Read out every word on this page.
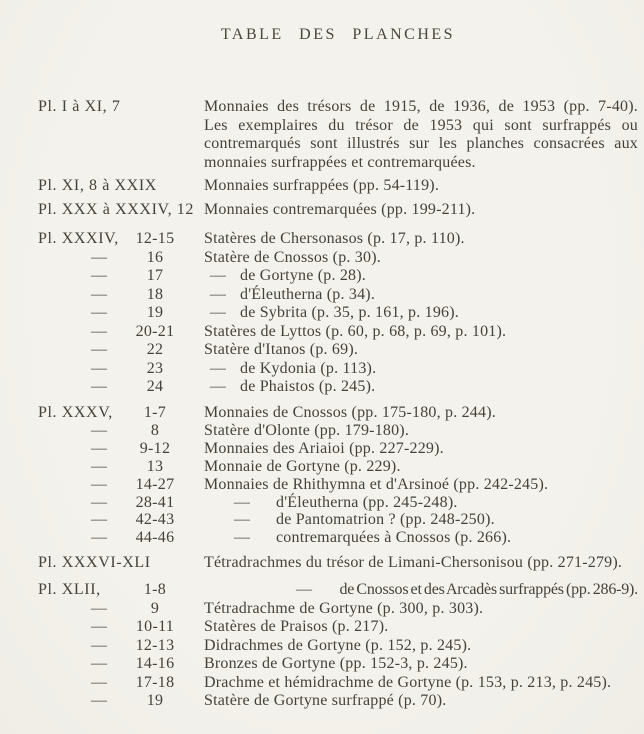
TABLE DES PLANCHES
Pl. I à XI, 7	Monnaies des trésors de 1915, de 1936, de 1953 (pp. 7-40).
Les exemplaires du trésor de 1953 qui sont surfrappés ou
contremarqués sont illustrés sur les planches consacrées aux
monnaies surfrappées et contremarquées.
Pl. XI, 8 à XXIX	Monnaies surfrappées (pp. 54-119).
Pl. XXX à XXXIV, 12 Monnaies contremarquées (pp. 199-211).
Pl. XXXIV,	12-15	Statères de Chersonasos (p. 17, p. 110).
—	16	Statère de Cnossos (p. 30).
—	17	— de Gortyne (p. 28).
—	18	— d'Éleutherna (p. 34).
—	19	— de Sybrita (p. 35, p. 161, p. 196).
—	20-21	Statères de Lyttos (p. 60, p. 68, p. 69, p. 101).
—	22	Statère d'Itanos (p. 69).
—	23	— de Kydonia (p. 113).
—	24	— de Phaistos (p. 245).
Pl. XXXV,	1-7	Monnaies de Cnossos (pp. 175-180, p. 244).
—	8	Statère d'Olonte (pp. 179-180).
—	9-12	Monnaies des Ariaioi (pp. 227-229).
—	13	Monnaie de Gortyne (p. 229).
—	14-27	Monnaies de Rhithymna et d'Arsinoé (pp. 242-245).
—	28-41	— d'Éleutherna (pp. 245-248).
—	42-43	— de Pantomatrion ? (pp. 248-250).
—	44-46	— contremarquées à Cnossos (p. 266).
Pl. XXXVI-XLI	Tétradrachmes du trésor de Limani-Chersonisou (pp. 271-279).
Pl. XLII,	1-8	— de Cnossos et des Arcadès surfrappés (pp. 286-9).
—	9	Tétradrachme de Gortyne (p. 300, p. 303).
—	10-11	Statères de Praisos (p. 217).
—	12-13	Didrachmes de Gortyne (p. 152, p. 245).
—	14-16	Bronzes de Gortyne (pp. 152-3, p. 245).
—	17-18	Drachme et hémidrachme de Gortyne (p. 153, p. 213, p. 245).
—	19	Statère de Gortyne surfrappé (p. 70).
